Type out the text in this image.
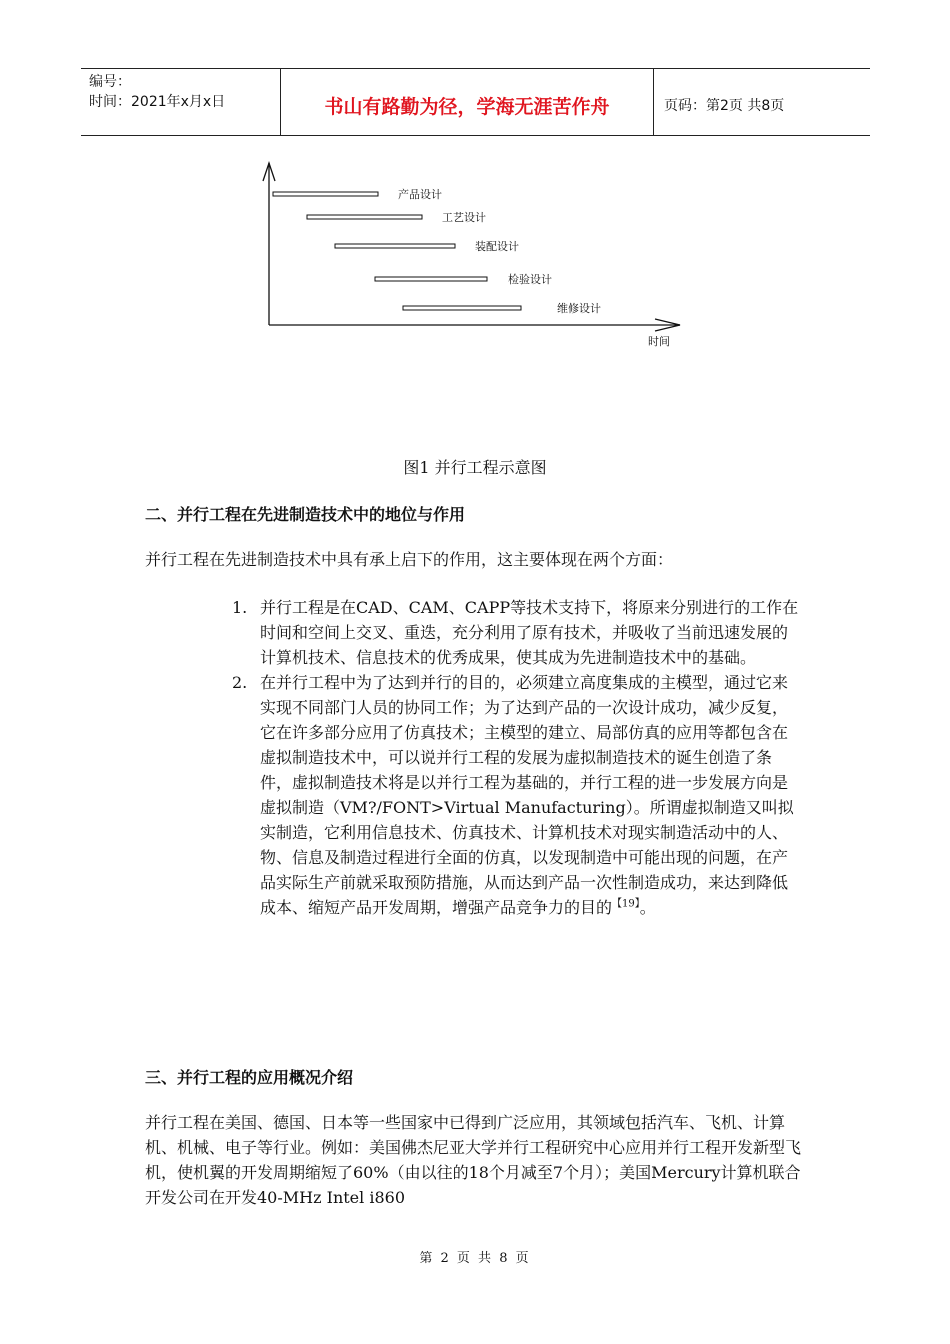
编号：
时间：2021年x月x日	书山有路勤为径，学海无涯苦作舟	页码：第2页 共8页
产品设计
工艺设计
装配设计
检验设计
维修设计
时间
图1 并行工程示意图
二、并行工程在先进制造技术中的地位与作用
并行工程在先进制造技术中具有承上启下的作用，这主要体现在两个方面：
1. 并行工程是在CAD、CAM、CAPP等技术支持下，将原来分别进行的工作在时间和空间上交叉、重迭，充分利用了原有技术，并吸收了当前迅速发展的计算机技术、信息技术的优秀成果，使其成为先进制造技术中的基础。
2. 在并行工程中为了达到并行的目的，必须建立高度集成的主模型，通过它来实现不同部门人员的协同工作；为了达到产品的一次设计成功，减少反复，它在许多部分应用了仿真技术；主模型的建立、局部仿真的应用等都包含在虚拟制造技术中，可以说并行工程的发展为虚拟制造技术的诞生创造了条件，虚拟制造技术将是以并行工程为基础的，并行工程的进一步发展方向是虚拟制造（VM?/FONT>Virtual Manufacturing）。所谓虚拟制造又叫拟实制造，它利用信息技术、仿真技术、计算机技术对现实制造活动中的人、物、信息及制造过程进行全面的仿真，以发现制造中可能出现的问题，在产品实际生产前就采取预防措施，从而达到产品一次性制造成功，来达到降低成本、缩短产品开发周期，增强产品竞争力的目的$^{【19】}$。
三、并行工程的应用概况介绍
并行工程在美国、德国、日本等一些国家中已得到广泛应用，其领域包括汽车、飞机、计算机、机械、电子等行业。例如：美国佛杰尼亚大学并行工程研究中心应用并行工程开发新型飞机，使机翼的开发周期缩短了60%（由以往的18个月减至7个月）；美国Mercury计算机联合开发公司在开发40-MHz Intel i860
第 2 页 共 8 页
